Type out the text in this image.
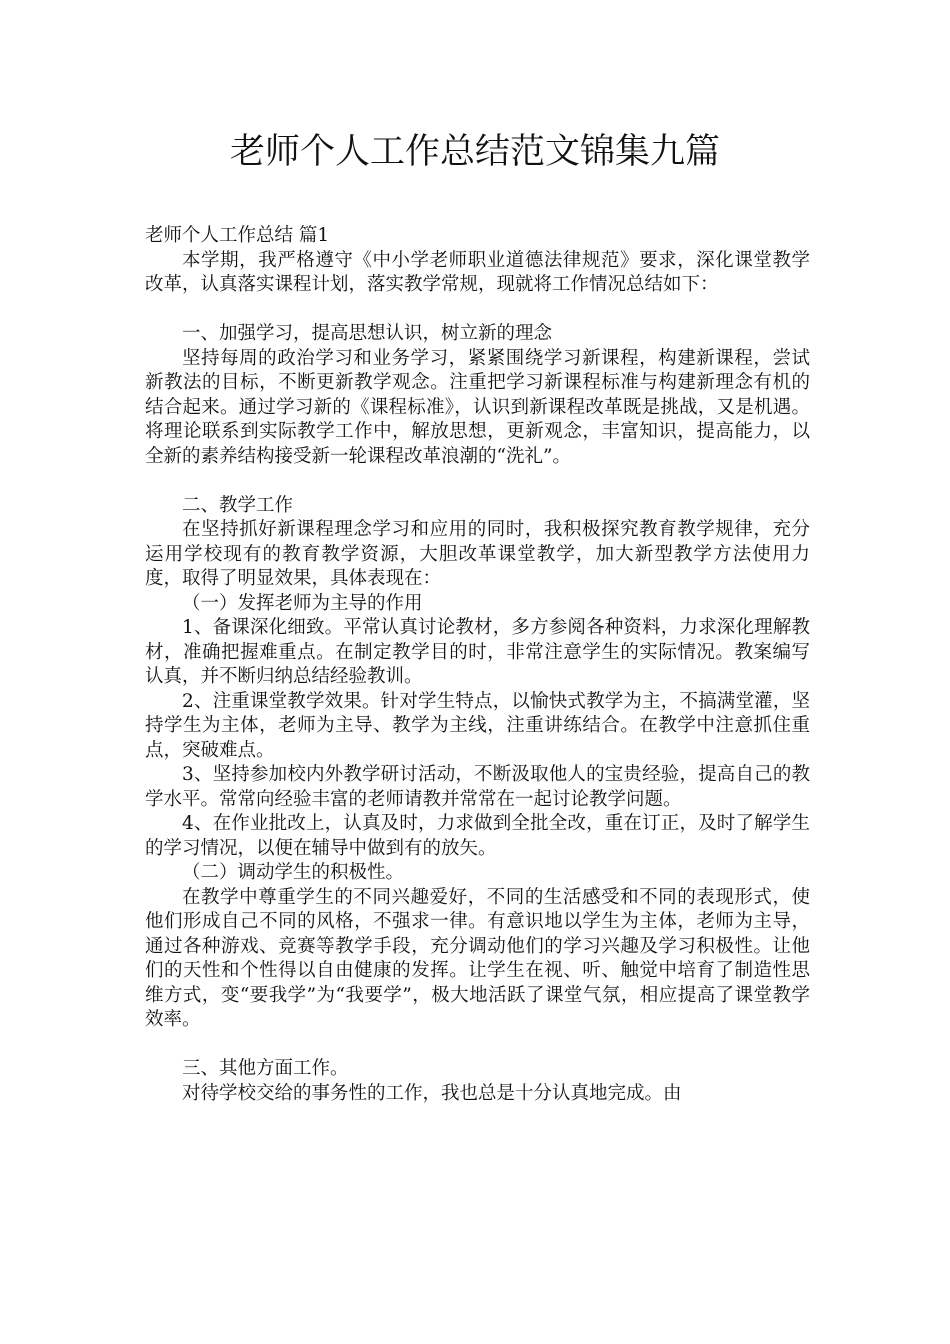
老师个人工作总结范文锦集九篇

老师个人工作总结 篇1

本学期，我严格遵守《中小学老师职业道德法律规范》要求，深化课堂教学改革，认真落实课程计划，落实教学常规，现就将工作情况总结如下：

一、加强学习，提高思想认识，树立新的理念

坚持每周的政治学习和业务学习，紧紧围绕学习新课程，构建新课程，尝试新教法的目标，不断更新教学观念。注重把学习新课程标准与构建新理念有机的结合起来。通过学习新的《课程标准》，认识到新课程改革既是挑战，又是机遇。将理论联系到实际教学工作中，解放思想，更新观念，丰富知识，提高能力，以全新的素养结构接受新一轮课程改革浪潮的“洗礼”。

二、教学工作

在坚持抓好新课程理念学习和应用的同时，我积极探究教育教学规律，充分运用学校现有的教育教学资源，大胆改革课堂教学，加大新型教学方法使用力度，取得了明显效果，具体表现在：

（一）发挥老师为主导的作用

1、备课深化细致。平常认真讨论教材，多方参阅各种资料，力求深化理解教材，准确把握难重点。在制定教学目的时，非常注意学生的实际情况。教案编写认真，并不断归纳总结经验教训。

2、注重课堂教学效果。针对学生特点，以愉快式教学为主，不搞满堂灌，坚持学生为主体，老师为主导、教学为主线，注重讲练结合。在教学中注意抓住重点，突破难点。

3、坚持参加校内外教学研讨活动，不断汲取他人的宝贵经验，提高自己的教学水平。常常向经验丰富的老师请教并常常在一起讨论教学问题。

4、在作业批改上，认真及时，力求做到全批全改，重在订正，及时了解学生的学习情况，以便在辅导中做到有的放矢。

（二）调动学生的积极性。

在教学中尊重学生的不同兴趣爱好，不同的生活感受和不同的表现形式，使他们形成自己不同的风格，不强求一律。有意识地以学生为主体，老师为主导，通过各种游戏、竞赛等教学手段，充分调动他们的学习兴趣及学习积极性。让他们的天性和个性得以自由健康的发挥。让学生在视、听、触觉中培育了制造性思维方式，变“要我学”为“我要学”，极大地活跃了课堂气氛，相应提高了课堂教学效率。

三、其他方面工作。

对待学校交给的事务性的工作，我也总是十分认真地完成。由
